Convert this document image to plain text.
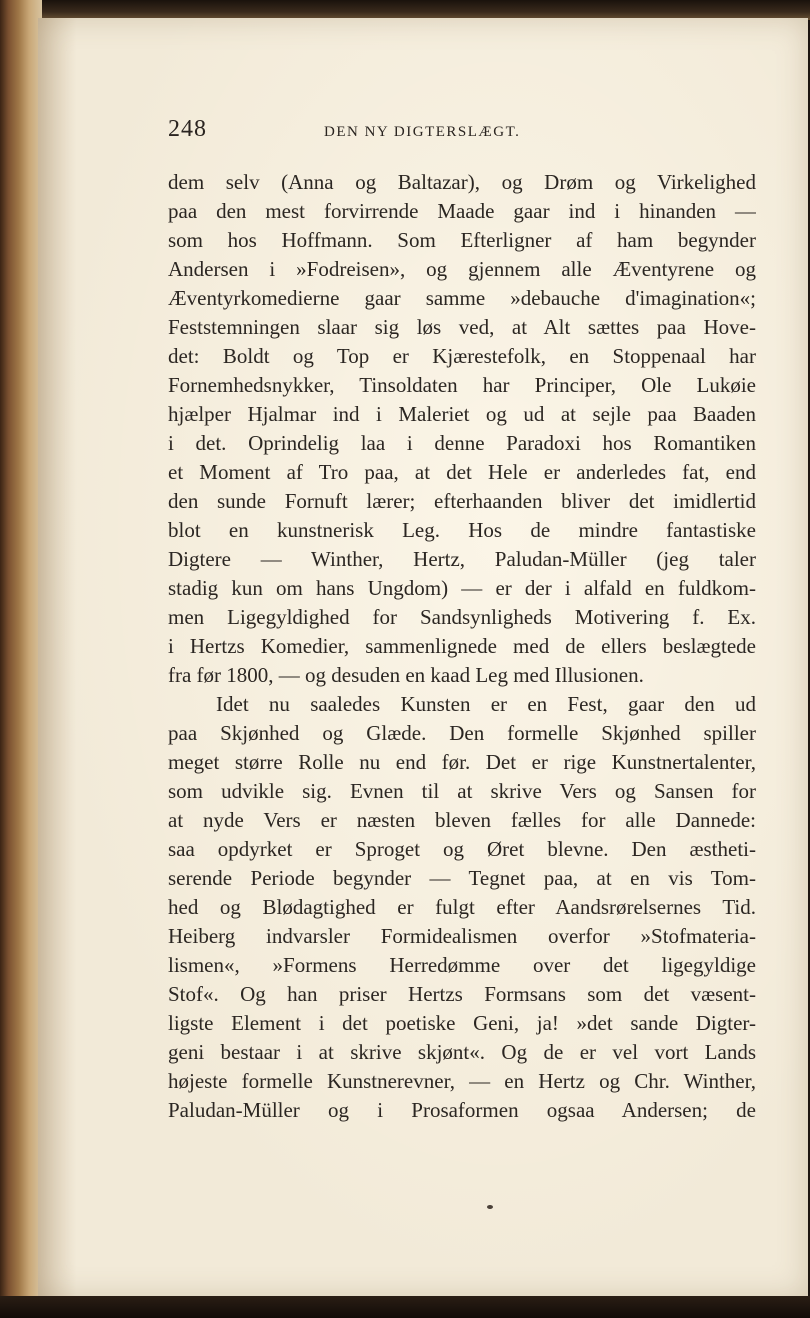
248	DEN NY DIGTERSLÆGT.
dem selv (Anna og Baltazar), og Drøm og Virkelighed
paa den mest forvirrende Maade gaar ind i hinanden —
som hos Hoffmann. Som Efterligner af ham begynder
Andersen i »Fodreisen», og gjennem alle Æventyrene og
Æventyrkomedierne gaar samme »debauche d'imagination«;
Feststemningen slaar sig løs ved, at Alt sættes paa Hove-
det: Boldt og Top er Kjærestefolk, en Stoppenaal har
Fornemhedsnykker, Tinsoldaten har Principer, Ole Lukøie
hjælper Hjalmar ind i Maleriet og ud at sejle paa Baaden
i det. Oprindelig laa i denne Paradoxi hos Romantiken
et Moment af Tro paa, at det Hele er anderledes fat, end
den sunde Fornuft lærer; efterhaanden bliver det imidlertid
blot en kunstnerisk Leg. Hos de mindre fantastiske
Digtere — Winther, Hertz, Paludan-Müller (jeg taler
stadig kun om hans Ungdom) — er der i alfald en fuldkom-
men Ligegyldighed for Sandsynligheds Motivering f. Ex.
i Hertzs Komedier, sammenlignede med de ellers beslægtede
fra før 1800, — og desuden en kaad Leg med Illusionen.
Idet nu saaledes Kunsten er en Fest, gaar den ud
paa Skjønhed og Glæde. Den formelle Skjønhed spiller
meget større Rolle nu end før. Det er rige Kunstnertalenter,
som udvikle sig. Evnen til at skrive Vers og Sansen for
at nyde Vers er næsten bleven fælles for alle Dannede:
saa opdyrket er Sproget og Øret blevne. Den æstheti-
serende Periode begynder — Tegnet paa, at en vis Tom-
hed og Blødagtighed er fulgt efter Aandsrørelsernes Tid.
Heiberg indvarsler Formidealismen overfor »Stofmateria-
lismen«, »Formens Herredømme over det ligegyldige
Stof«. Og han priser Hertzs Formsans som det væsent-
ligste Element i det poetiske Geni, ja! »det sande Digter-
geni bestaar i at skrive skjønt«. Og de er vel vort Lands
højeste formelle Kunstnerevner, — en Hertz og Chr. Winther,
Paludan-Müller og i Prosaformen ogsaa Andersen; de
